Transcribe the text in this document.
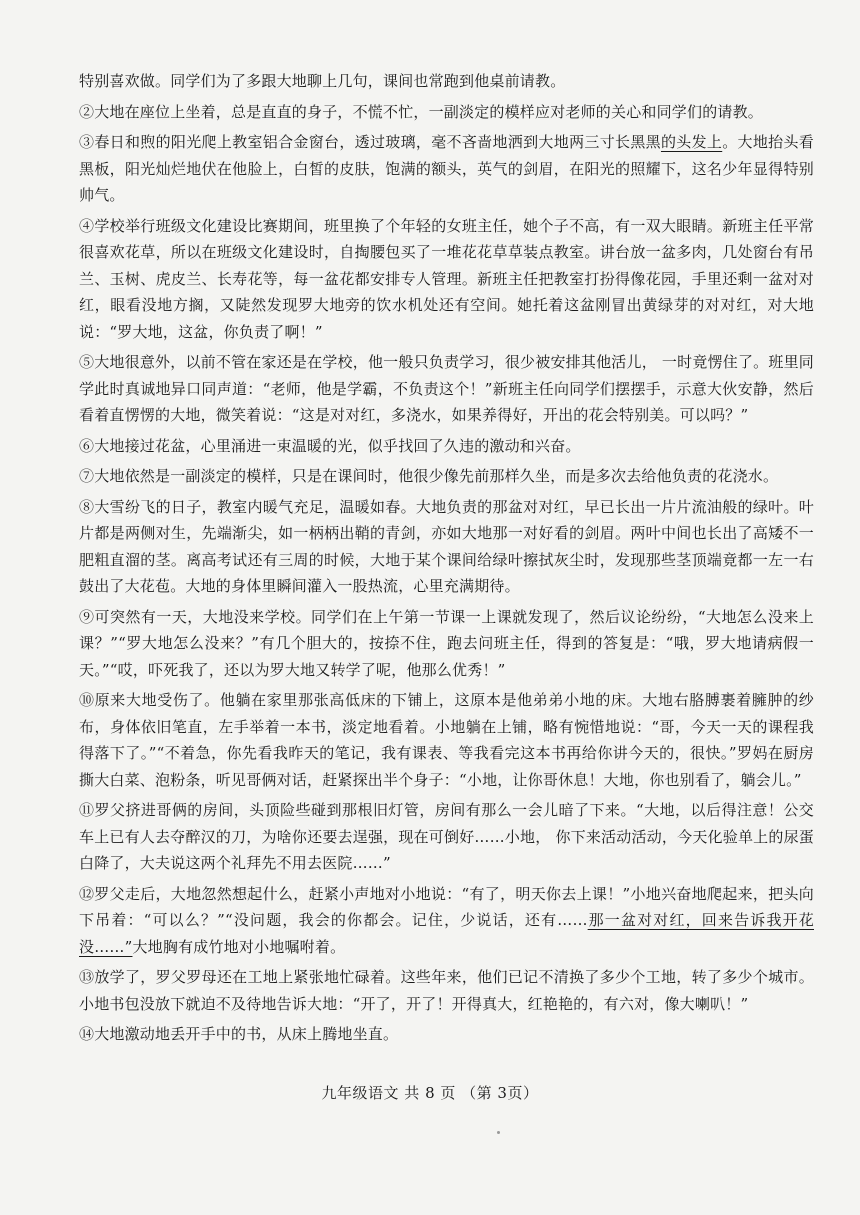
特别喜欢做。同学们为了多跟大地聊上几句，课间也常跑到他桌前请教。

②大地在座位上坐着，总是直直的身子，不慌不忙，一副淡定的模样应对老师的关心和同学们的请教。

③春日和煦的阳光爬上教室铝合金窗台，透过玻璃，毫不吝啬地洒到大地两三寸长黑黑的头发上。大地抬头看黑板，阳光灿烂地伏在他脸上，白皙的皮肤，饱满的额头，英气的剑眉，在阳光的照耀下，这名少年显得特别帅气。

④学校举行班级文化建设比赛期间，班里换了个年轻的女班主任，她个子不高，有一双大眼睛。新班主任平常很喜欢花草，所以在班级文化建设时，自掏腰包买了一堆花花草草装点教室。讲台放一盆多肉，几处窗台有吊兰、玉树、虎皮兰、长寿花等，每一盆花都安排专人管理。新班主任把教室打扮得像花园，手里还剩一盆对对红，眼看没地方搁，又陡然发现罗大地旁的饮水机处还有空间。她托着这盆刚冒出黄绿芽的对对红，对大地说：“罗大地，这盆，你负责了啊！”

⑤大地很意外，以前不管在家还是在学校，他一般只负责学习，很少被安排其他活儿， 一时竟愣住了。班里同学此时真诚地异口同声道：“老师，他是学霸，不负责这个！”新班主任向同学们摆摆手，示意大伙安静，然后看着直愣愣的大地，微笑着说：“这是对对红，多浇水，如果养得好，开出的花会特别美。可以吗？”

⑥大地接过花盆，心里涌进一束温暖的光，似乎找回了久违的激动和兴奋。

⑦大地依然是一副淡定的模样，只是在课间时，他很少像先前那样久坐，而是多次去给他负责的花浇水。

⑧大雪纷飞的日子，教室内暖气充足，温暖如春。大地负责的那盆对对红，早已长出一片片流油般的绿叶。叶片都是两侧对生，先端渐尖，如一柄柄出鞘的青剑，亦如大地那一对好看的剑眉。两叶中间也长出了高矮不一肥粗直溜的茎。离高考试还有三周的时候，大地于某个课间给绿叶擦拭灰尘时，发现那些茎顶端竟都一左一右鼓出了大花苞。大地的身体里瞬间灌入一股热流，心里充满期待。

⑨可突然有一天，大地没来学校。同学们在上午第一节课一上课就发现了，然后议论纷纷，“大地怎么没来上课？”“罗大地怎么没来？”有几个胆大的，按捺不住，跑去问班主任，得到的答复是：“哦，罗大地请病假一天。”“哎，吓死我了，还以为罗大地又转学了呢，他那么优秀！”

⑩原来大地受伤了。他躺在家里那张高低床的下铺上，这原本是他弟弟小地的床。大地右胳膊裹着臃肿的纱布，身体依旧笔直，左手举着一本书，淡定地看着。小地躺在上铺，略有惋惜地说：“哥，今天一天的课程我得落下了。”“不着急，你先看我昨天的笔记，我有课表、等我看完这本书再给你讲今天的，很快。”罗妈在厨房撕大白菜、泡粉条，听见哥俩对话，赶紧探出半个身子：“小地，让你哥休息！大地，你也别看了，躺会儿。”

⑪罗父挤进哥俩的房间，头顶险些碰到那根旧灯管，房间有那么一会儿暗了下来。“大地，以后得注意！公交车上已有人去夺醉汉的刀，为啥你还要去逞强，现在可倒好……小地， 你下来活动活动，今天化验单上的尿蛋白降了，大夫说这两个礼拜先不用去医院……”

⑫罗父走后，大地忽然想起什么，赶紧小声地对小地说：“有了，明天你去上课！”小地兴奋地爬起来，把头向下吊着：“可以么？”“没问题，我会的你都会。记住，少说话，还有……那一盆对对红，回来告诉我开花没……”大地胸有成竹地对小地嘱咐着。

⑬放学了，罗父罗母还在工地上紧张地忙碌着。这些年来，他们已记不清换了多少个工地，转了多少个城市。小地书包没放下就迫不及待地告诉大地：“开了，开了！开得真大，红艳艳的，有六对，像大喇叭！”

⑭大地激动地丢开手中的书，从床上腾地坐直。

九年级语文 共 8 页 （第 3页）
